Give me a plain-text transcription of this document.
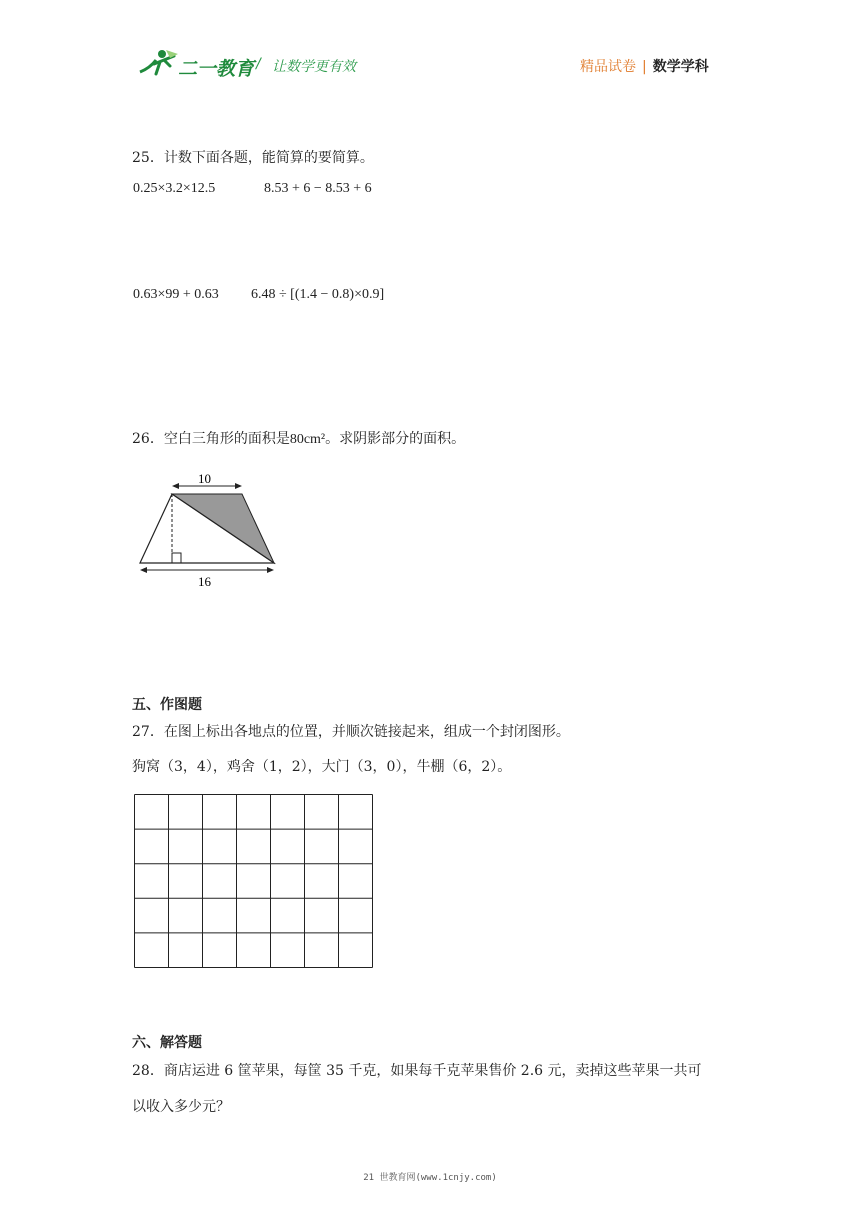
二一教育 / 让数学更有效	精品试卷 | 数学学科
25．计数下面各题，能简算的要简算。
0.25×3.2×12.5	8.53 + 6 − 8.53 + 6
0.63×99 + 0.63 6.48 ÷ [(1.4 − 0.8)×0.9]
26．空白三角形的面积是80cm²。求阴影部分的面积。
10
16
五、作图题
27．在图上标出各地点的位置，并顺次链接起来，组成一个封闭图形。
狗窝（3，4），鸡舍（1，2），大门（3，0），牛棚（6，2）。
六、解答题
28．商店运进 6 筐苹果，每筐 35 千克，如果每千克苹果售价 2.6 元，卖掉这些苹果一共可
以收入多少元？
21 世教育网(www.1cnjy.com)
